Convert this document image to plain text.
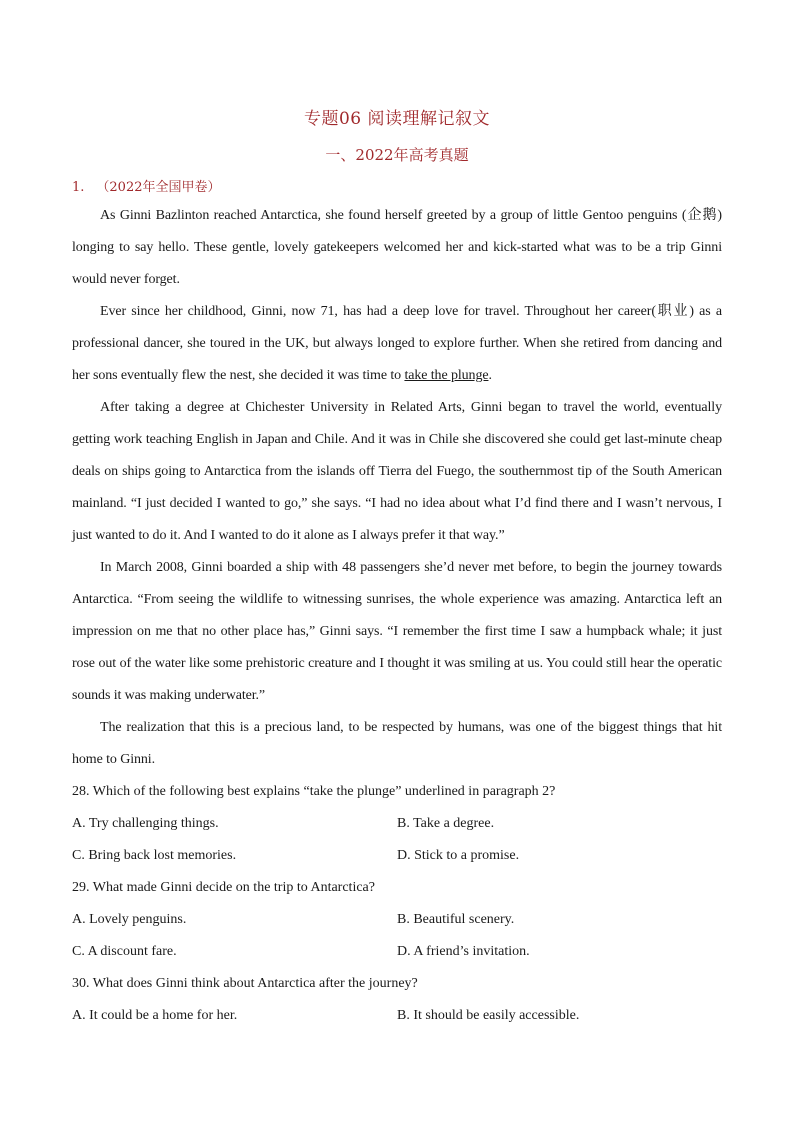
专题06 阅读理解记叙文
一、2022年高考真题
1. （2022年全国甲卷）

As Ginni Bazlinton reached Antarctica, she found herself greeted by a group of little Gentoo penguins (企鹅) longing to say hello. These gentle, lovely gatekeepers welcomed her and kick-started what was to be a trip Ginni would never forget.

Ever since her childhood, Ginni, now 71, has had a deep love for travel. Throughout her career(职业) as a professional dancer, she toured in the UK, but always longed to explore further. When she retired from dancing and her sons eventually flew the nest, she decided it was time to take the plunge.

After taking a degree at Chichester University in Related Arts, Ginni began to travel the world, eventually getting work teaching English in Japan and Chile. And it was in Chile she discovered she could get last-minute cheap deals on ships going to Antarctica from the islands off Tierra del Fuego, the southernmost tip of the South American mainland. “I just decided I wanted to go,” she says. “I had no idea about what I’d find there and I wasn’t nervous, I just wanted to do it. And I wanted to do it alone as I always prefer it that way.”

In March 2008, Ginni boarded a ship with 48 passengers she’d never met before, to begin the journey towards Antarctica. “From seeing the wildlife to witnessing sunrises, the whole experience was amazing. Antarctica left an impression on me that no other place has,” Ginni says. “I remember the first time I saw a humpback whale; it just rose out of the water like some prehistoric creature and I thought it was smiling at us. You could still hear the operatic sounds it was making underwater.”

The realization that this is a precious land, to be respected by humans, was one of the biggest things that hit home to Ginni.

28. Which of the following best explains “take the plunge” underlined in paragraph 2?
A. Try challenging things.	B. Take a degree.
C. Bring back lost memories.	D. Stick to a promise.
29. What made Ginni decide on the trip to Antarctica?
A. Lovely penguins.	B. Beautiful scenery.
C. A discount fare.	D. A friend’s invitation.
30. What does Ginni think about Antarctica after the journey?
A. It could be a home for her.	B. It should be easily accessible.
